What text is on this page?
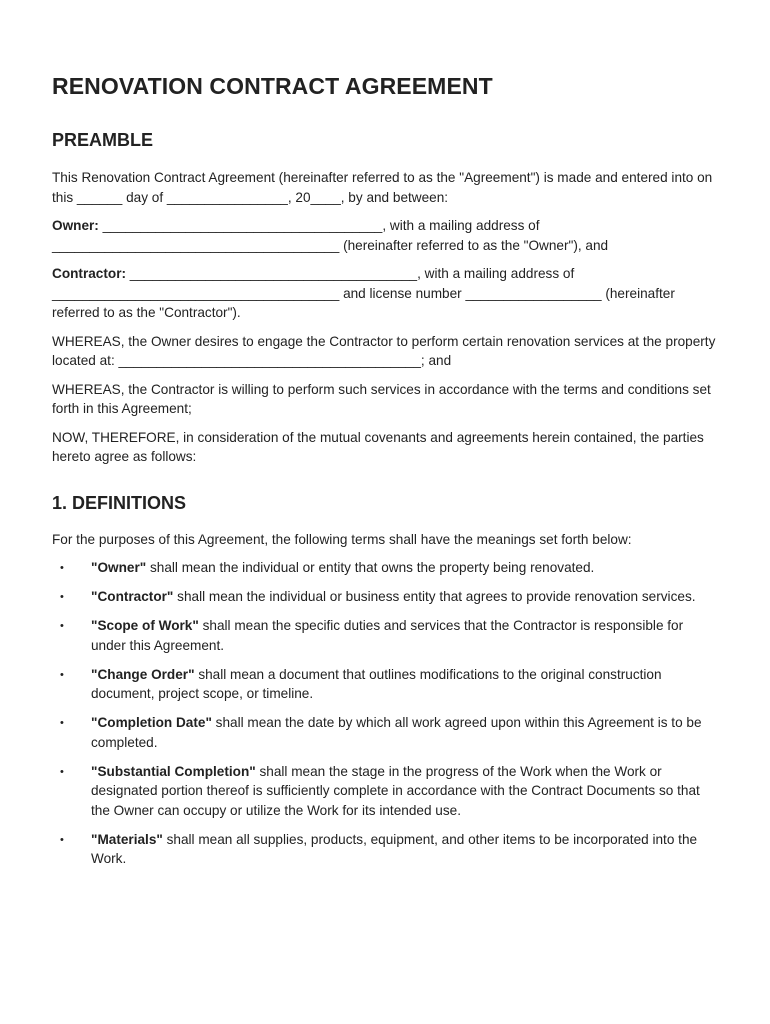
RENOVATION CONTRACT AGREEMENT
PREAMBLE

This Renovation Contract Agreement (hereinafter referred to as the "Agreement") is made and entered into on this ______ day of ________________, 20____, by and between:

Owner: _____________________________________, with a mailing address of ______________________________________ (hereinafter referred to as the "Owner"), and

Contractor: ______________________________________, with a mailing address of ______________________________________ and license number __________________ (hereinafter referred to as the "Contractor").

WHEREAS, the Owner desires to engage the Contractor to perform certain renovation services at the property located at: ________________________________________; and

WHEREAS, the Contractor is willing to perform such services in accordance with the terms and conditions set forth in this Agreement;

NOW, THEREFORE, in consideration of the mutual covenants and agreements herein contained, the parties hereto agree as follows:

1. DEFINITIONS

For the purposes of this Agreement, the following terms shall have the meanings set forth below:

• "Owner" shall mean the individual or entity that owns the property being renovated.
• "Contractor" shall mean the individual or business entity that agrees to provide renovation services.
• "Scope of Work" shall mean the specific duties and services that the Contractor is responsible for under this Agreement.
• "Change Order" shall mean a document that outlines modifications to the original construction document, project scope, or timeline.
• "Completion Date" shall mean the date by which all work agreed upon within this Agreement is to be completed.
• "Substantial Completion" shall mean the stage in the progress of the Work when the Work or designated portion thereof is sufficiently complete in accordance with the Contract Documents so that the Owner can occupy or utilize the Work for its intended use.
• "Materials" shall mean all supplies, products, equipment, and other items to be incorporated into the Work.
